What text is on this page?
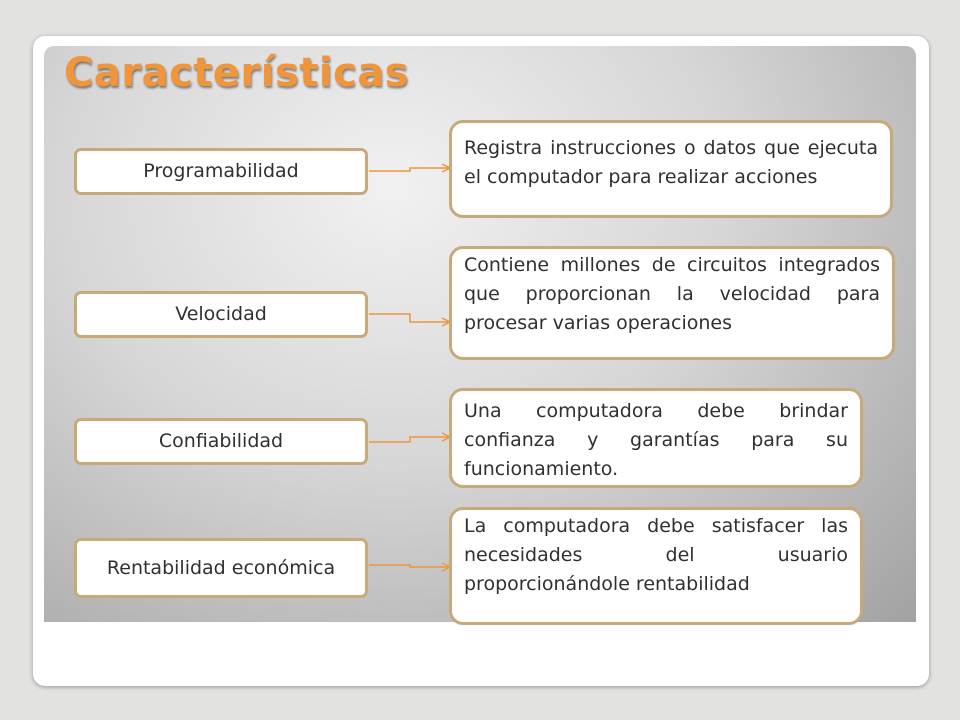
Características
Programabilidad
Velocidad
Confiabilidad
Rentabilidad económica
Registra instrucciones o datos que ejecuta el computador para realizar acciones
Contiene millones de circuitos integrados que proporcionan la velocidad para procesar varias operaciones
Una computadora debe brindar confianza y garantías para su funcionamiento.
La computadora debe satisfacer las necesidades del usuario proporcionándole rentabilidad
